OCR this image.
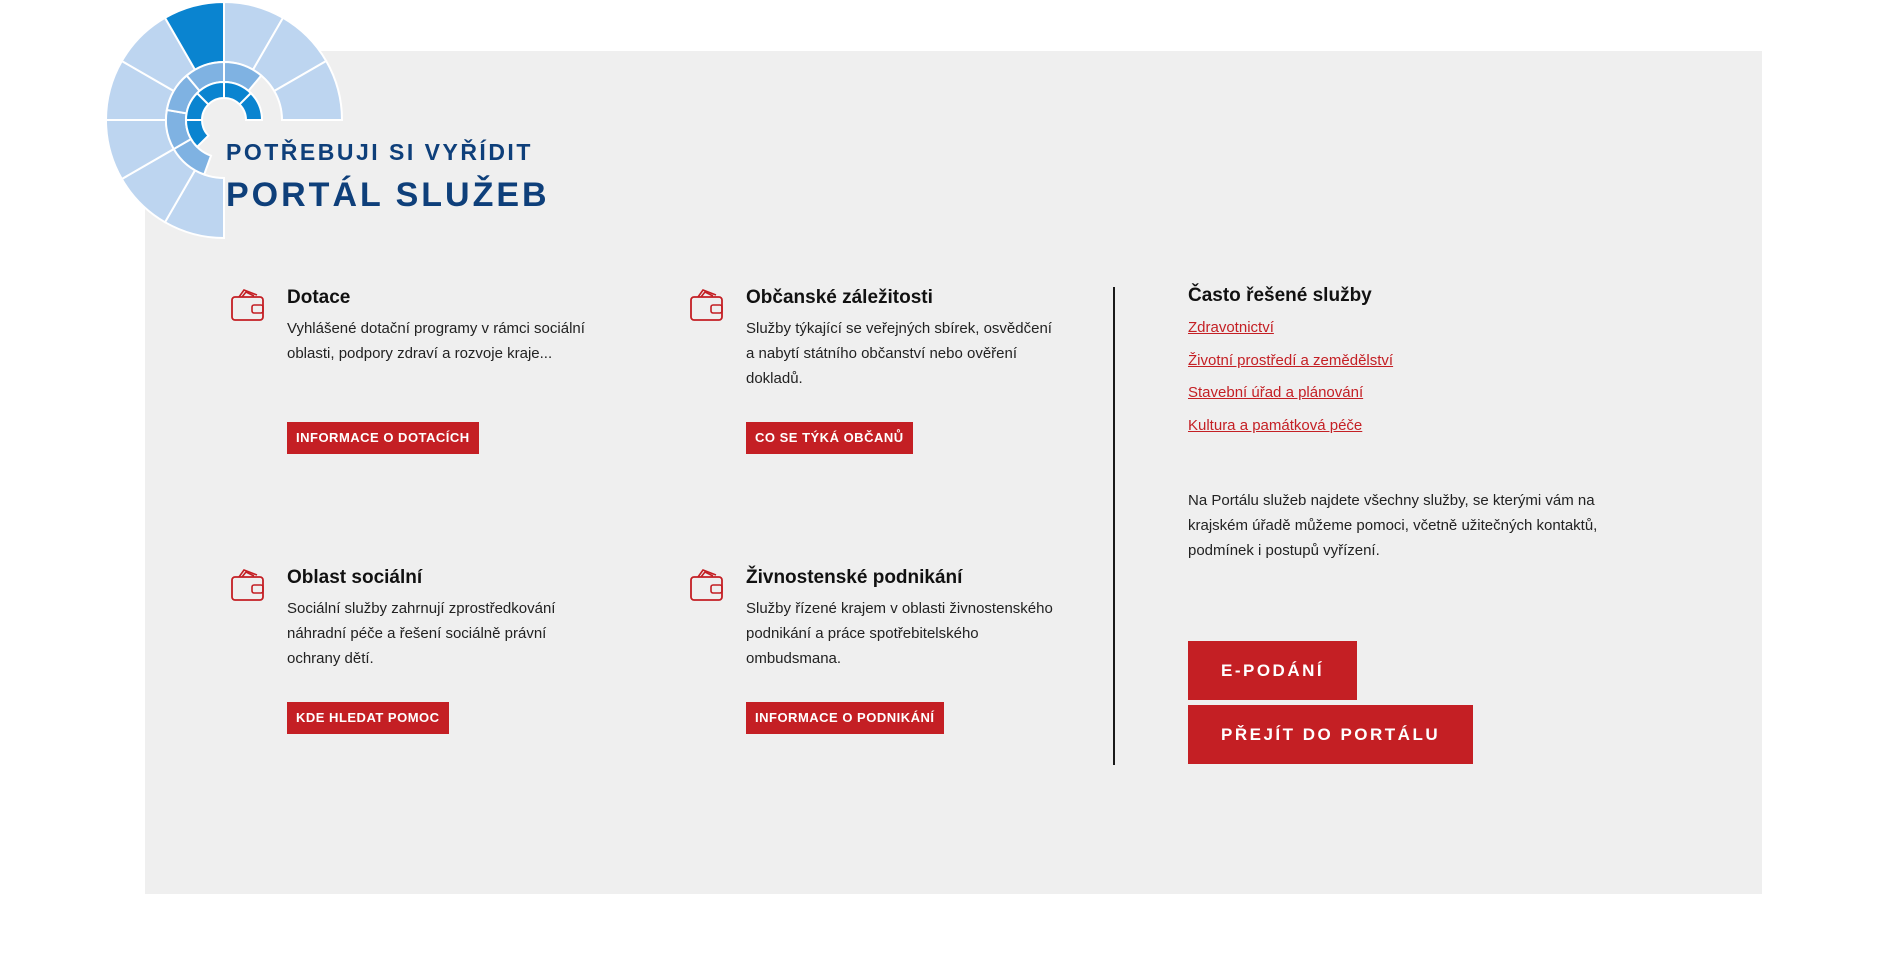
POTŘEBUJI SI VYŘÍDIT
PORTÁL SLUŽEB
Dotace

Vyhlášené dotační programy v rámci sociální oblasti, podpory zdraví a rozvoje kraje...

INFORMACE O DOTACÍCH
Občanské záležitosti

Služby týkající se veřejných sbírek, osvědčení a nabytí státního občanství nebo ověření dokladů.

CO SE TÝKÁ OBČANŮ
Oblast sociální

Sociální služby zahrnují zprostředkování náhradní péče a řešení sociálně právní ochrany dětí.

KDE HLEDAT POMOC
Živnostenské podnikání

Služby řízené krajem v oblasti živnostenského podnikání a práce spotřebitelského ombudsmana.

INFORMACE O PODNIKÁNÍ
Často řešené služby
Zdravotnictví
Životní prostředí a zemědělství
Stavební úřad a plánování
Kultura a památková péče

Na Portálu služeb najdete všechny služby, se kterými vám na krajském úřadě můžeme pomoci, včetně užitečných kontaktů, podmínek i postupů vyřízení.

E-PODÁNÍ
PŘEJÍT DO PORTÁLU
